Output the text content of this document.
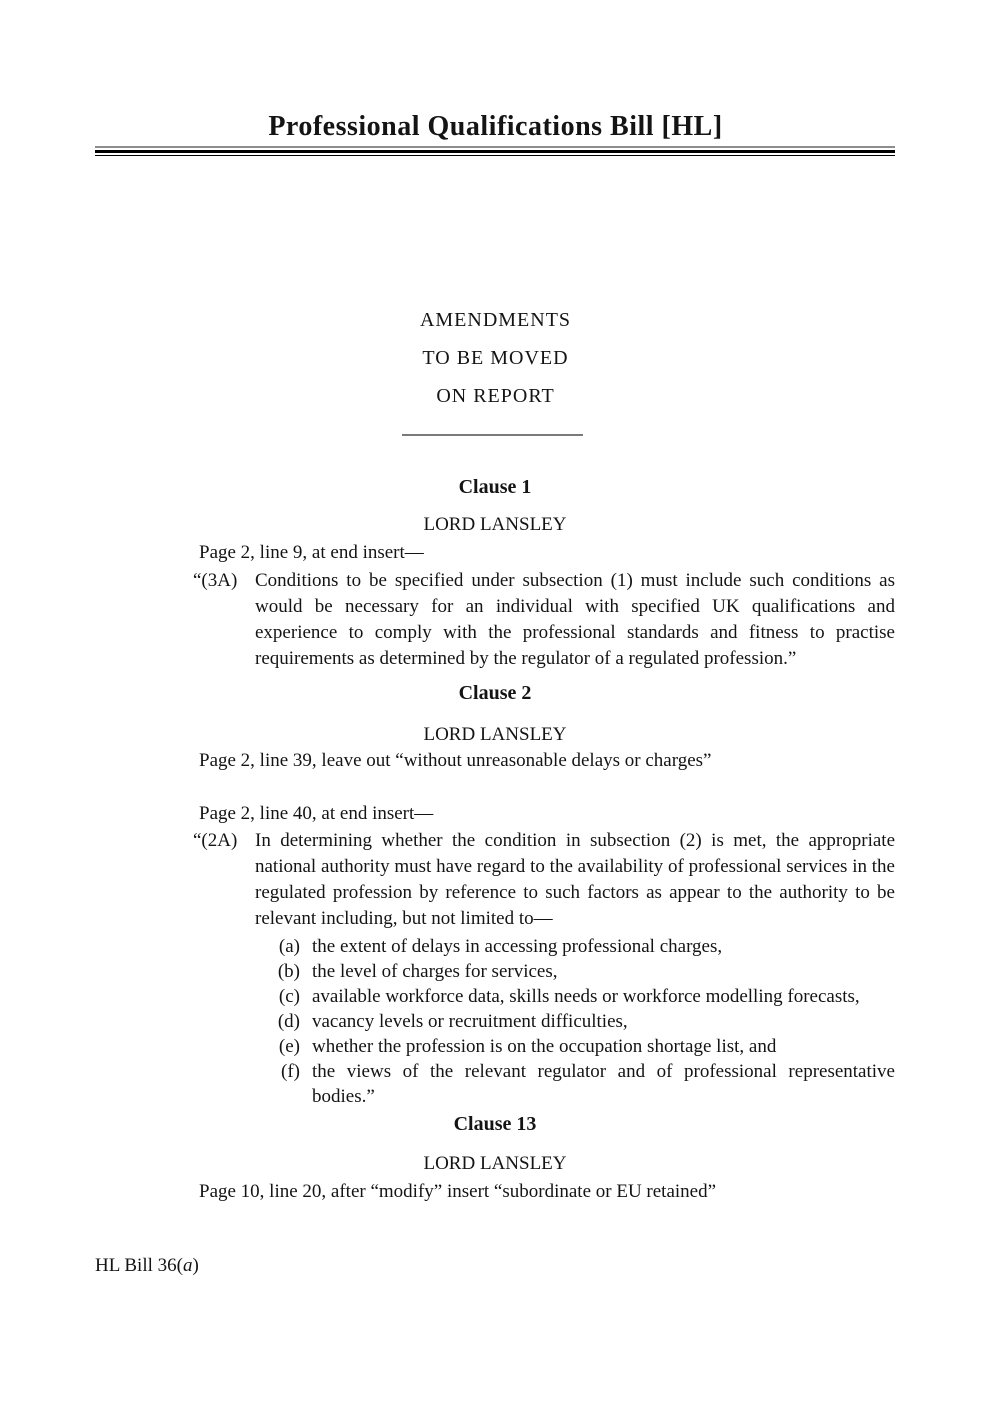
Professional Qualifications Bill [HL]
AMENDMENTS
TO BE MOVED
ON REPORT
Clause 1
LORD LANSLEY

Page 2, line 9, at end insert—

“(3A) Conditions to be specified under subsection (1) must include such conditions as would be necessary for an individual with specified UK qualifications and experience to comply with the professional standards and fitness to practise requirements as determined by the regulator of a regulated profession.”
Clause 2
LORD LANSLEY

Page 2, line 39, leave out “without unreasonable delays or charges”

Page 2, line 40, at end insert—

“(2A) In determining whether the condition in subsection (2) is met, the appropriate national authority must have regard to the availability of professional services in the regulated profession by reference to such factors as appear to the authority to be relevant including, but not limited to—
(a) the extent of delays in accessing professional charges,
(b) the level of charges for services,
(c) available workforce data, skills needs or workforce modelling forecasts,
(d) vacancy levels or recruitment difficulties,
(e) whether the profession is on the occupation shortage list, and
(f) the views of the relevant regulator and of professional representative bodies.”
Clause 13
LORD LANSLEY

Page 10, line 20, after “modify” insert “subordinate or EU retained”

HL Bill 36(a)
